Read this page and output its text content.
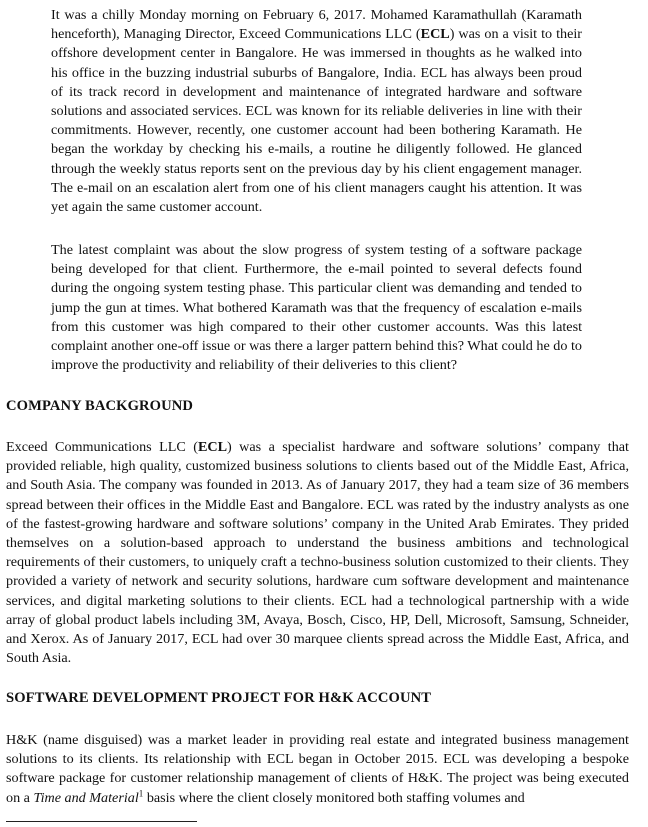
It was a chilly Monday morning on February 6, 2017. Mohamed Karamathullah (Karamath henceforth), Managing Director, Exceed Communications LLC (ECL) was on a visit to their offshore development center in Bangalore. He was immersed in thoughts as he walked into his office in the buzzing industrial suburbs of Bangalore, India. ECL has always been proud of its track record in development and maintenance of integrated hardware and software solutions and associated services. ECL was known for its reliable deliveries in line with their commitments. However, recently, one customer account had been bothering Karamath. He began the workday by checking his e-mails, a routine he diligently followed. He glanced through the weekly status reports sent on the previous day by his client engagement manager. The e-mail on an escalation alert from one of his client managers caught his attention. It was yet again the same customer account.

The latest complaint was about the slow progress of system testing of a software package being developed for that client. Furthermore, the e-mail pointed to several defects found during the ongoing system testing phase. This particular client was demanding and tended to jump the gun at times. What bothered Karamath was that the frequency of escalation e-mails from this customer was high compared to their other customer accounts. Was this latest complaint another one-off issue or was there a larger pattern behind this? What could he do to improve the productivity and reliability of their deliveries to this client?

COMPANY BACKGROUND

Exceed Communications LLC (ECL) was a specialist hardware and software solutions’ company that provided reliable, high quality, customized business solutions to clients based out of the Middle East, Africa, and South Asia. The company was founded in 2013. As of January 2017, they had a team size of 36 members spread between their offices in the Middle East and Bangalore. ECL was rated by the industry analysts as one of the fastest-growing hardware and software solutions’ company in the United Arab Emirates. They prided themselves on a solution-based approach to understand the business ambitions and technological requirements of their customers, to uniquely craft a techno-business solution customized to their clients. They provided a variety of network and security solutions, hardware cum software development and maintenance services, and digital marketing solutions to their clients. ECL had a technological partnership with a wide array of global product labels including 3M, Avaya, Bosch, Cisco, HP, Dell, Microsoft, Samsung, Schneider, and Xerox. As of January 2017, ECL had over 30 marquee clients spread across the Middle East, Africa, and South Asia.

SOFTWARE DEVELOPMENT PROJECT FOR H&K ACCOUNT

H&K (name disguised) was a market leader in providing real estate and integrated business management solutions to its clients. Its relationship with ECL began in October 2015. ECL was developing a bespoke software package for customer relationship management of clients of H&K. The project was being executed on a Time and Material$^1$ basis where the client closely monitored both staffing volumes and
